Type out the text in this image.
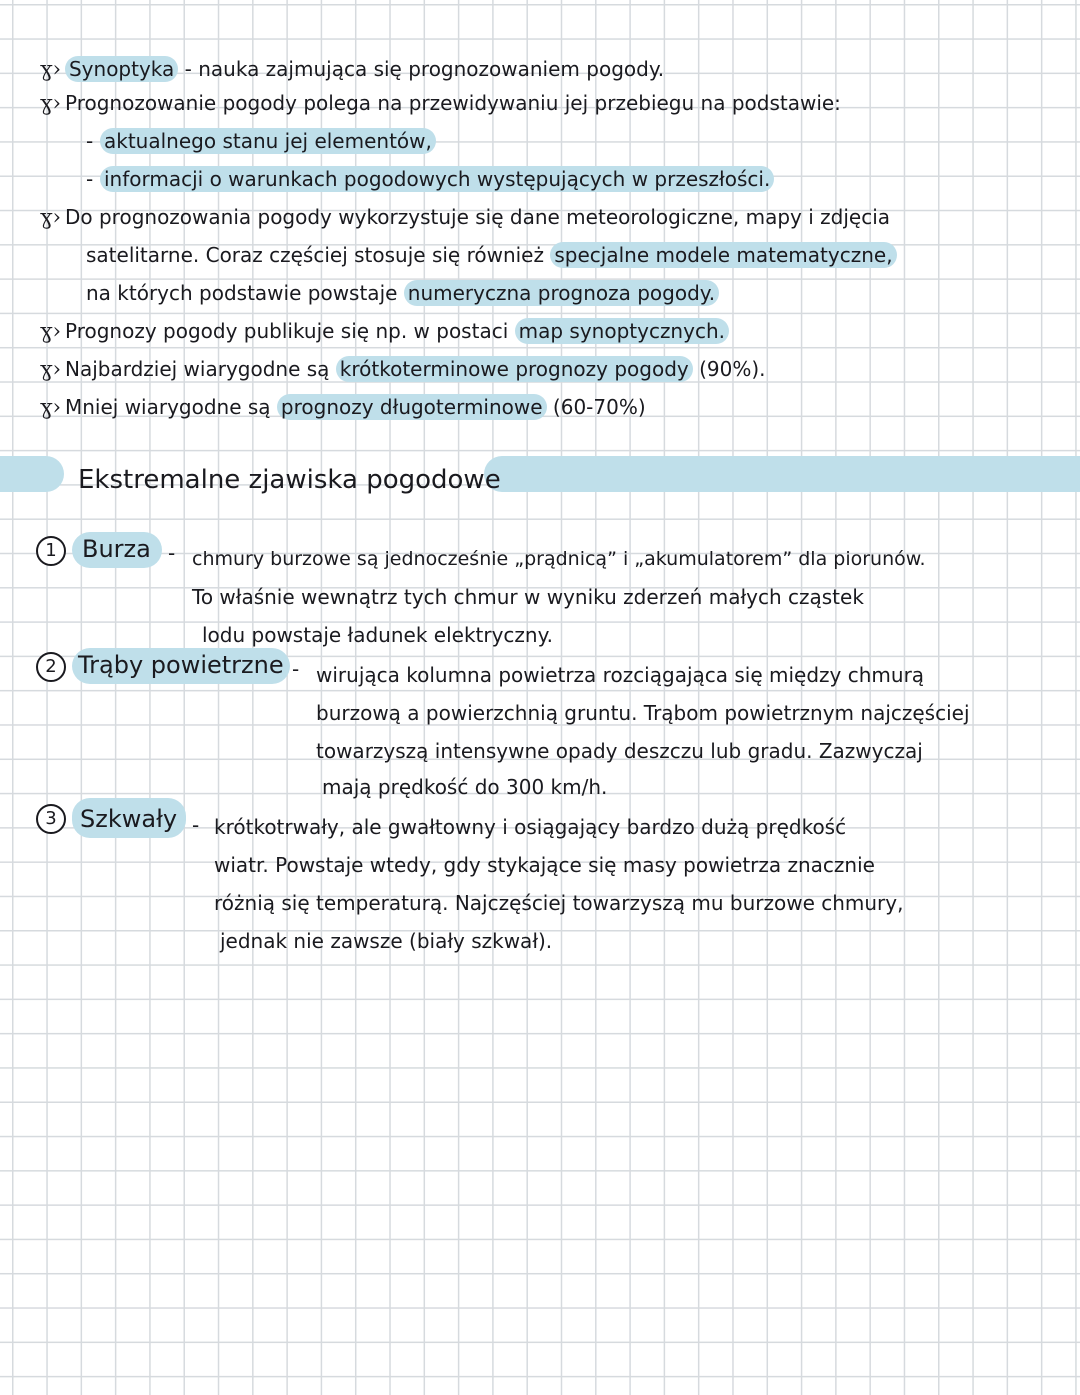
ɣ› Synoptyka - nauka zajmująca się prognozowaniem pogody.
ɣ› Prognozowanie pogody polega na przewidywaniu jej przebiegu na podstawie:
- aktualnego stanu jej elementów,
- informacji o warunkach pogodowych występujących w przeszłości.
ɣ› Do prognozowania pogody wykorzystuje się dane meteorologiczne, mapy i zdjęcia
satelitarne. Coraz częściej stosuje się również specjalne modele matematyczne,
na których podstawie powstaje numeryczna prognoza pogody.
ɣ› Prognozy pogody publikuje się np. w postaci map synoptycznych.
ɣ› Najbardziej wiarygodne są krótkoterminowe prognozy pogody (90%).
ɣ› Mniej wiarygodne są prognozy długoterminowe (60-70%)
Ekstremalne zjawiska pogodowe
1	Burza - chmury burzowe są jednocześnie „prądnicą” i „akumulatorem” dla piorunów.
To właśnie wewnątrz tych chmur w wyniku zderzeń małych cząstek
lodu powstaje ładunek elektryczny.
2 Trąby powietrzne - wirująca kolumna powietrza rozciągająca się między chmurą
burzową a powierzchnią gruntu. Trąbom powietrznym najczęściej
towarzyszą intensywne opady deszczu lub gradu. Zazwyczaj
mają prędkość do 300 km/h.
3 Szkwały - krótkotrwały, ale gwałtowny i osiągający bardzo dużą prędkość
wiatr. Powstaje wtedy, gdy stykające się masy powietrza znacznie
różnią się temperaturą. Najczęściej towarzyszą mu burzowe chmury,
jednak nie zawsze (biały szkwał).
